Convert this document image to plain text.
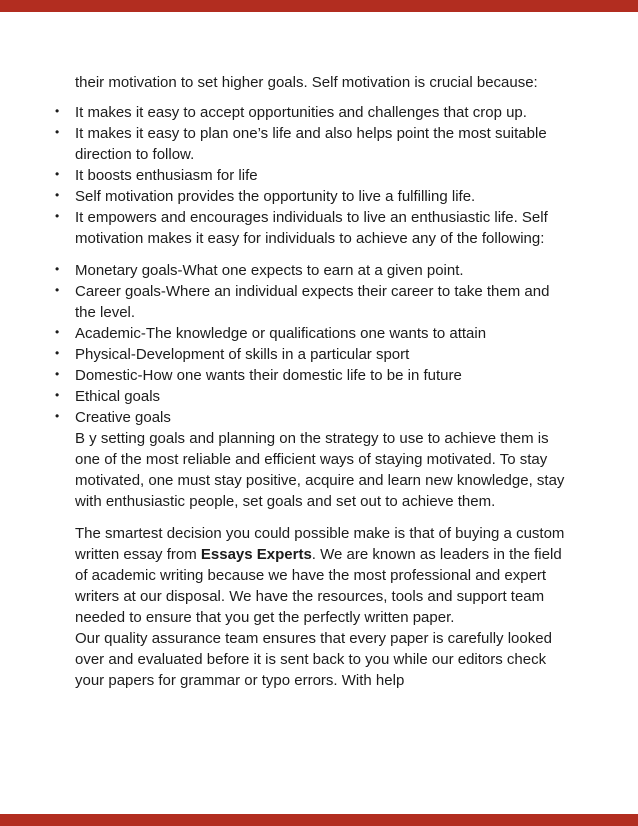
their motivation to set higher goals. Self motivation is crucial because:

• It makes it easy to accept opportunities and challenges that crop up.
• It makes it easy to plan one’s life and also helps point the most suitable direction to follow.
• It boosts enthusiasm for life
• Self motivation provides the opportunity to live a fulfilling life.
• It empowers and encourages individuals to live an enthusiastic life. Self motivation makes it easy for individuals to achieve any of the following:
• Monetary goals-What one expects to earn at a given point.
• Career goals-Where an individual expects their career to take them and the level.
• Academic-The knowledge or qualifications one wants to attain
• Physical-Development of skills in a particular sport
• Domestic-How one wants their domestic life to be in future
• Ethical goals
• Creative goals

B y setting goals and planning on the strategy to use to achieve them is one of the most reliable and efficient ways of staying motivated. To stay motivated, one must stay positive, acquire and learn new knowledge, stay with enthusiastic people, set goals and set out to achieve them.

The smartest decision you could possible make is that of buying a custom written essay from Essays Experts. We are known as leaders in the field of academic writing because we have the most professional and expert writers at our disposal. We have the resources, tools and support team needed to ensure that you get the perfectly written paper.

Our quality assurance team ensures that every paper is carefully looked over and evaluated before it is sent back to you while our editors check your papers for grammar or typo errors. With help
